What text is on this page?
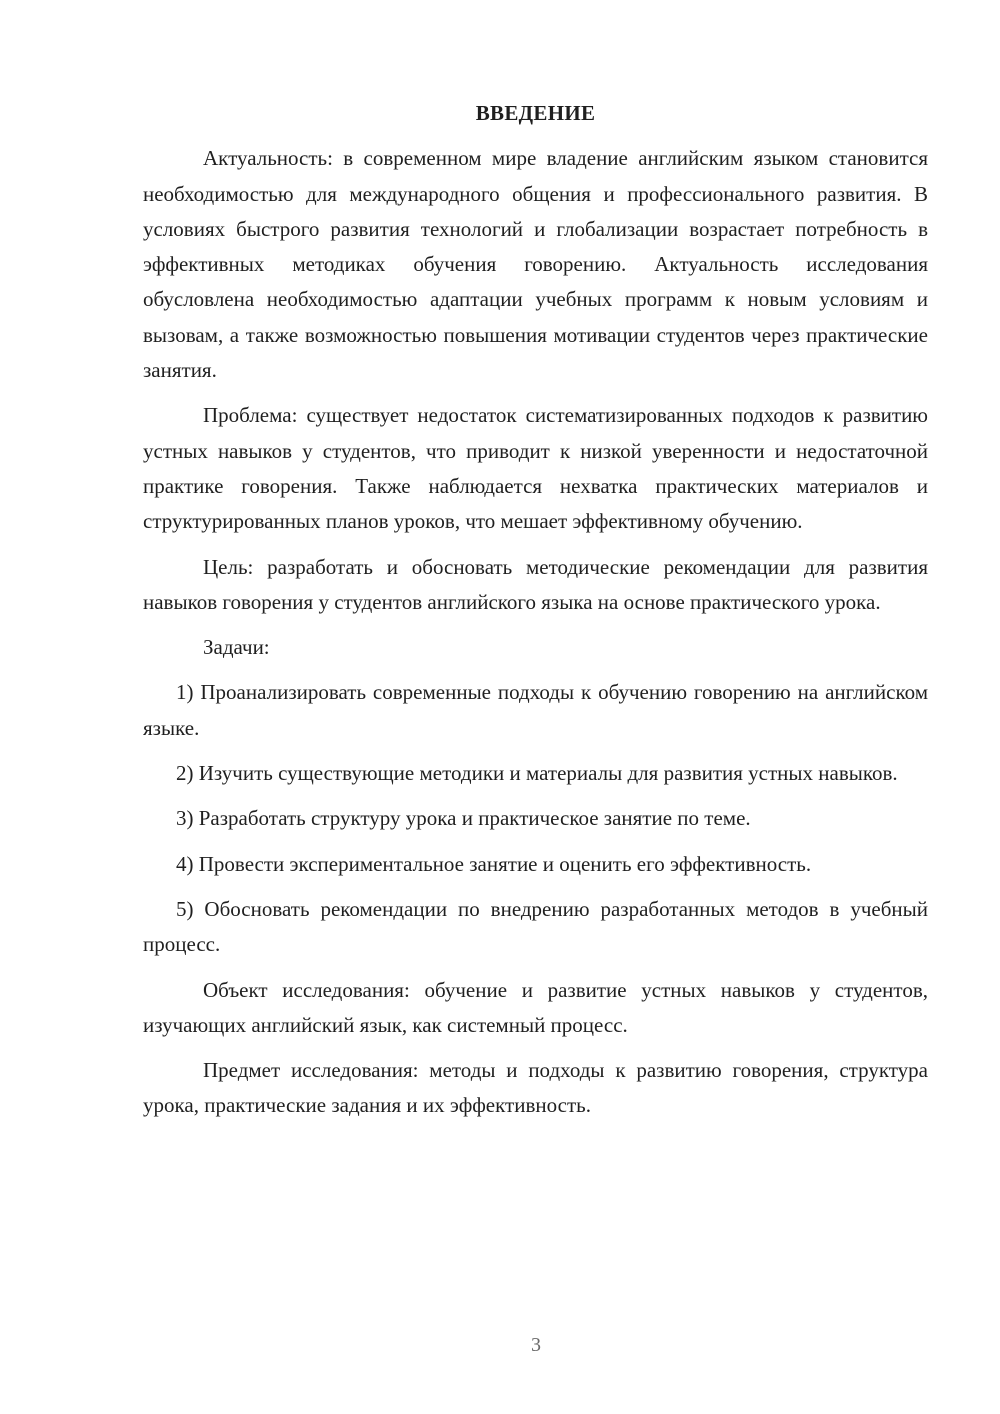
ВВЕДЕНИЕ
Актуальность: в современном мире владение английским языком становится необходимостью для международного общения и профессионального развития. В условиях быстрого развития технологий и глобализации возрастает потребность в эффективных методиках обучения говорению. Актуальность исследования обусловлена необходимостью адаптации учебных программ к новым условиям и вызовам, а также возможностью повышения мотивации студентов через практические занятия.
Проблема: существует недостаток систематизированных подходов к развитию устных навыков у студентов, что приводит к низкой уверенности и недостаточной практике говорения. Также наблюдается нехватка практических материалов и структурированных планов уроков, что мешает эффективному обучению.
Цель: разработать и обосновать методические рекомендации для развития навыков говорения у студентов английского языка на основе практического урока.
Задачи:
1) Проанализировать современные подходы к обучению говорению на английском языке.
2) Изучить существующие методики и материалы для развития устных навыков.
3) Разработать структуру урока и практическое занятие по теме.
4) Провести экспериментальное занятие и оценить его эффективность.
5) Обосновать рекомендации по внедрению разработанных методов в учебный процесс.
Объект исследования: обучение и развитие устных навыков у студентов, изучающих английский язык, как системный процесс.
Предмет исследования: методы и подходы к развитию говорения, структура урока, практические задания и их эффективность.
3
